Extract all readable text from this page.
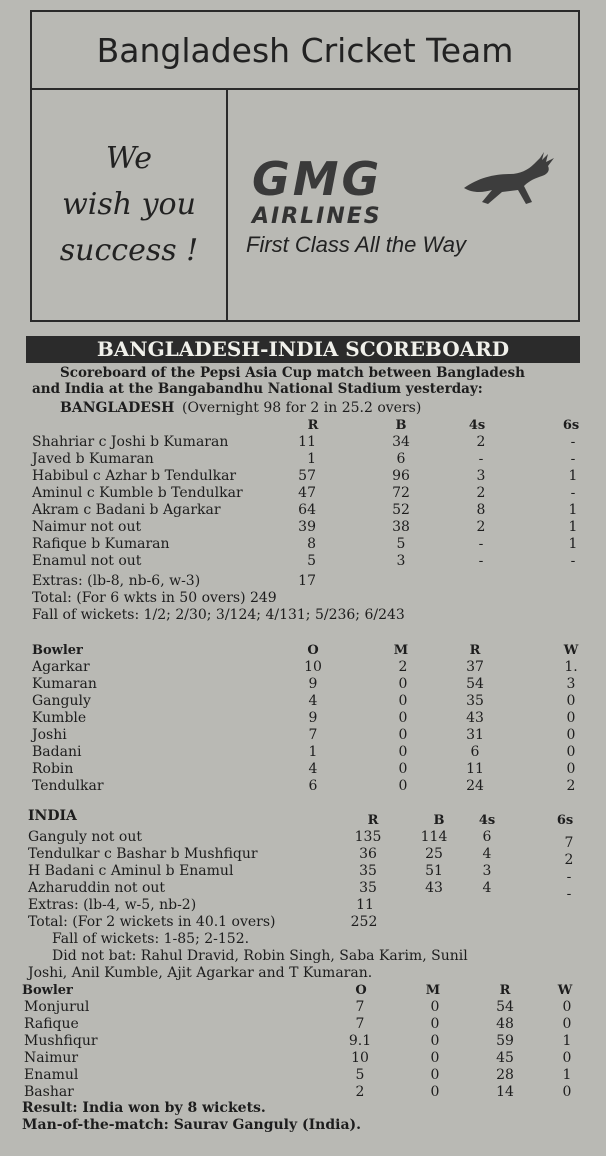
Bangladesh Cricket Team
We
wish you
success !
GMG
AIRLINES
First Class All the Way
BANGLADESH-INDIA SCOREBOARD
Scoreboard of the Pepsi Asia Cup match between Bangladesh
and India at the Bangabandhu National Stadium yesterday:
BANGLADESH (Overnight 98 for 2 in 25.2 overs)
R	B	4s	6s
Shahriar c Joshi b Kumaran	11	34	2	-
Javed b Kumaran	1	6	-	-
Habibul c Azhar b Tendulkar	57	96	3	1
Aminul c Kumble b Tendulkar	47	72	2	-
Akram c Badani b Agarkar	64	52	8	1
Naimur not out	39	38	2	1
Rafique b Kumaran	8	5	-	1
Enamul not out	5	3	-	-
Extras: (lb-8, nb-6, w-3)	17
Total: (For 6 wkts in 50 overs) 249
Fall of wickets: 1/2; 2/30; 3/124; 4/131; 5/236; 6/243
Bowler	O	M	R	W
Agarkar	10	2	37	1.
Kumaran	9	0	54	3
Ganguly	4	0	35	0
Kumble	9	0	43	0
Joshi	7	0	31	0
Badani	1	0	6	0
Robin	4	0	11	0
Tendulkar	6	0	24	2
INDIA	R	B	4s	6s
Ganguly not out	135	114	6	7
Tendulkar c Bashar b Mushfiqur	36	25	4	2
H Badani c Aminul b Enamul	35	51	3	-
Azharuddin not out	35	43	4	-
Extras: (lb-4, w-5, nb-2)	11
Total: (For 2 wickets in 40.1 overs)	252
Fall of wickets: 1-85; 2-152.
Did not bat: Rahul Dravid, Robin Singh, Saba Karim, Sunil
Joshi, Anil Kumble, Ajit Agarkar and T Kumaran.
Bowler	O	M	R	W
Monjurul	7	0	54	0
Rafique	7	0	48	0
Mushfiqur	9.1	0	59	1
Naimur	10	0	45	0
Enamul	5	0	28	1
Bashar	2	0	14	0
Result: India won by 8 wickets.
Man-of-the-match: Saurav Ganguly (India).
